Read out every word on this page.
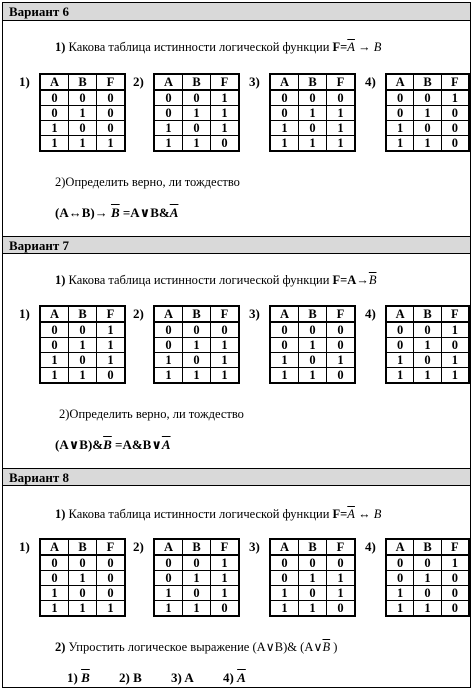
Вариант 6
1) Какова таблица истинности логической функции $F=\overline{A} \to B$
1) A	B	F
0	0	0
0	1	0
1	0	0
1	1	1
2) A	B	F
0	0	1
0	1	1
1	0	1
1	1	0
3) A	B	F
0	0	0
0	1	1
1	0	1
1	1	1
4) A	B	F
0	0	1
0	1	0
1	0	0
1	1	0
2)Определить верно, ли тождество
(A↔B)→ $\overline{B}$ $=A\vee B\&\overline{A}$
Вариант 7
1) Какова таблица истинности логической функции $F=A\to\overline{B}$
1) A	B	F
0	0	1
0	1	1
1	0	1
1	1	0
2) A	B	F
0	0	0
0	1	1
1	0	1
1	1	1
3) A	B	F
0	0	0
0	1	0
1	0	1
1	1	0
4) A	B	F
0	0	1
0	1	0
1	0	1
1	1	1
2)Определить верно, ли тождество
$(A\vee B)\&\overline{B}$ $=A\&B\vee\overline{A}$
Вариант 8
1) Какова таблица истинности логической функции $F=\overline{A}$ ↔ B
1) A	B	F
0	0	0
0	1	0
1	0	0
1	1	1
2) A	B	F
0	0	1
0	1	1
1	0	1
1	1	0
3) A	B	F
0	0	0
0	1	1
1	0	1
1	1	0
4) A	B	F
0	0	1
0	1	0
1	0	0
1	1	0
2) Упростить логическое выражение (A∨B)& ($A\vee\overline{B}$ )
1) $\overline{B}$ 2) B 3) A 4) $\overline{A}$
